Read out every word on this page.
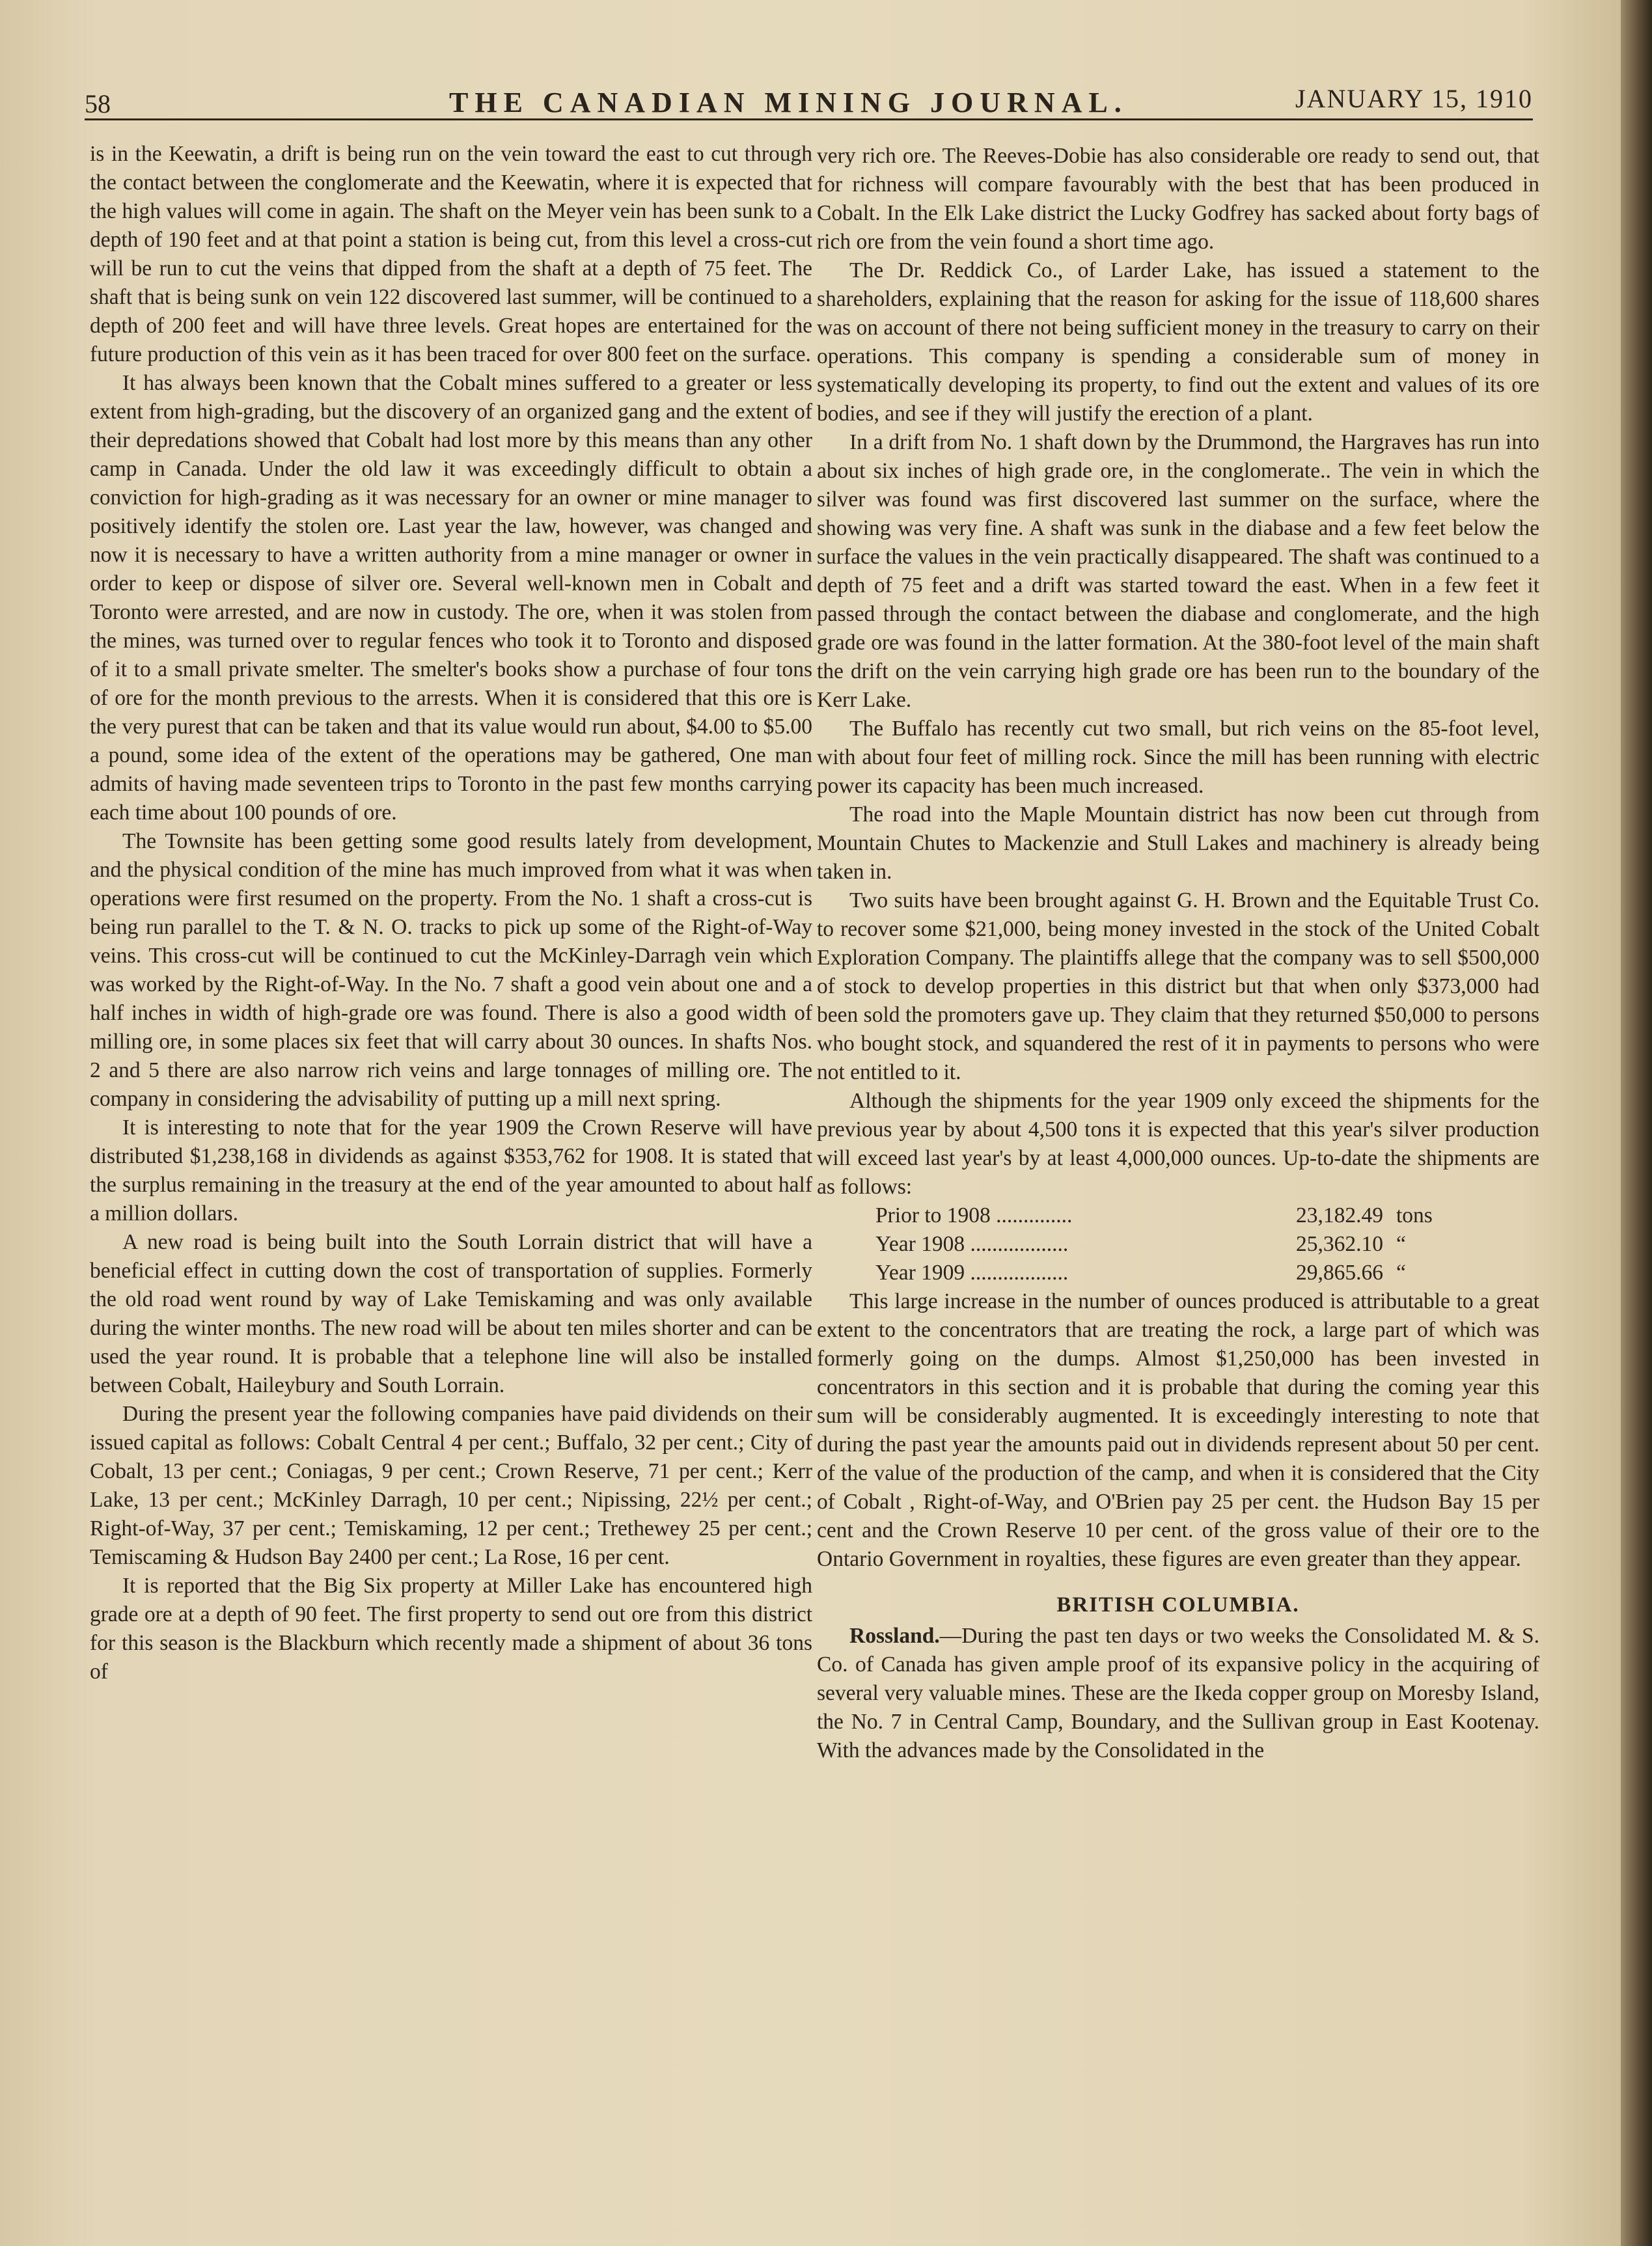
58	THE CANADIAN MINING JOURNAL.	JANUARY 15, 1910

is in the Keewatin, a drift is being run on the vein toward the east to cut through the contact between the conglomerate and the Keewatin, where it is expected that the high values will come in again. The shaft on the Meyer vein has been sunk to a depth of 190 feet and at that point a station is being cut, from this level a cross-cut will be run to cut the veins that dipped from the shaft at a depth of 75 feet. The shaft that is being sunk on vein 122 discovered last summer, will be continued to a depth of 200 feet and will have three levels. Great hopes are entertained for the future production of this vein as it has been traced for over 800 feet on the surface.

It has always been known that the Cobalt mines suffered to a greater or less extent from high-grading, but the discovery of an organized gang and the extent of their depredations showed that Cobalt had lost more by this means than any other camp in Canada. Under the old law it was exceedingly difficult to obtain a conviction for high-grading as it was necessary for an owner or mine manager to positively identify the stolen ore. Last year the law, however, was changed and now it is necessary to have a written authority from a mine manager or owner in order to keep or dispose of silver ore. Several well-known men in Cobalt and Toronto were arrested, and are now in custody. The ore, when it was stolen from the mines, was turned over to regular fences who took it to Toronto and disposed of it to a small private smelter. The smelter's books show a purchase of four tons of ore for the month previous to the arrests. When it is considered that this ore is the very purest that can be taken and that its value would run about, $4.00 to $5.00 a pound, some idea of the extent of the operations may be gathered, One man admits of having made seventeen trips to Toronto in the past few months carrying each time about 100 pounds of ore.

The Townsite has been getting some good results lately from development, and the physical condition of the mine has much improved from what it was when operations were first resumed on the property. From the No. 1 shaft a cross-cut is being run parallel to the T. & N. O. tracks to pick up some of the Right-of-Way veins. This cross-cut will be continued to cut the McKinley-Darragh vein which was worked by the Right-of-Way. In the No. 7 shaft a good vein about one and a half inches in width of high-grade ore was found. There is also a good width of milling ore, in some places six feet that will carry about 30 ounces. In shafts Nos. 2 and 5 there are also narrow rich veins and large tonnages of milling ore. The company in considering the advisability of putting up a mill next spring.

It is interesting to note that for the year 1909 the Crown Reserve will have distributed $1,238,168 in dividends as against $353,762 for 1908. It is stated that the surplus remaining in the treasury at the end of the year amounted to about half a million dollars.

A new road is being built into the South Lorrain district that will have a beneficial effect in cutting down the cost of transportation of supplies. Formerly the old road went round by way of Lake Temiskaming and was only available during the winter months. The new road will be about ten miles shorter and can be used the year round. It is probable that a telephone line will also be installed between Cobalt, Haileybury and South Lorrain.

During the present year the following companies have paid dividends on their issued capital as follows: Cobalt Central 4 per cent.; Buffalo, 32 per cent.; City of Cobalt, 13 per cent.; Coniagas, 9 per cent.; Crown Reserve, 71 per cent.; Kerr Lake, 13 per cent.; McKinley Darragh, 10 per cent.; Nipissing, 22½ per cent.; Right-of-Way, 37 per cent.; Temiskaming, 12 per cent.; Trethewey 25 per cent.; Temiscaming & Hudson Bay 2400 per cent.; La Rose, 16 per cent.

It is reported that the Big Six property at Miller Lake has encountered high grade ore at a depth of 90 feet. The first property to send out ore from this district for this season is the Blackburn which recently made a shipment of about 36 tons of

very rich ore. The Reeves-Dobie has also considerable ore ready to send out, that for richness will compare favourably with the best that has been produced in Cobalt. In the Elk Lake district the Lucky Godfrey has sacked about forty bags of rich ore from the vein found a short time ago.

The Dr. Reddick Co., of Larder Lake, has issued a statement to the shareholders, explaining that the reason for asking for the issue of 118,600 shares was on account of there not being sufficient money in the treasury to carry on their operations. This company is spending a considerable sum of money in systematically developing its property, to find out the extent and values of its ore bodies, and see if they will justify the erection of a plant.

In a drift from No. 1 shaft down by the Drummond, the Hargraves has run into about six inches of high grade ore, in the conglomerate.. The vein in which the silver was found was first discovered last summer on the surface, where the showing was very fine. A shaft was sunk in the diabase and a few feet below the surface the values in the vein practically disappeared. The shaft was continued to a depth of 75 feet and a drift was started toward the east. When in a few feet it passed through the contact between the diabase and conglomerate, and the high grade ore was found in the latter formation. At the 380-foot level of the main shaft the drift on the vein carrying high grade ore has been run to the boundary of the Kerr Lake.

The Buffalo has recently cut two small, but rich veins on the 85-foot level, with about four feet of milling rock. Since the mill has been running with electric power its capacity has been much increased.

The road into the Maple Mountain district has now been cut through from Mountain Chutes to Mackenzie and Stull Lakes and machinery is already being taken in.

Two suits have been brought against G. H. Brown and the Equitable Trust Co. to recover some $21,000, being money invested in the stock of the United Cobalt Exploration Company. The plaintiffs allege that the company was to sell $500,000 of stock to develop properties in this district but that when only $373,000 had been sold the promoters gave up. They claim that they returned $50,000 to persons who bought stock, and squandered the rest of it in payments to persons who were not entitled to it.

Although the shipments for the year 1909 only exceed the shipments for the previous year by about 4,500 tons it is expected that this year's silver production will exceed last year's by at least 4,000,000 ounces. Up-to-date the shipments are as follows:

Prior to 1908 ..............	23,182.49	tons
Year 1908 ..................	25,362.10	“
Year 1909 ..................	29,865.66	“

This large increase in the number of ounces produced is attributable to a great extent to the concentrators that are treating the rock, a large part of which was formerly going on the dumps. Almost $1,250,000 has been invested in concentrators in this section and it is probable that during the coming year this sum will be considerably augmented. It is exceedingly interesting to note that during the past year the amounts paid out in dividends represent about 50 per cent. of the value of the production of the camp, and when it is considered that the City of Cobalt , Right-of-Way, and O'Brien pay 25 per cent. the Hudson Bay 15 per cent and the Crown Reserve 10 per cent. of the gross value of their ore to the Ontario Government in royalties, these figures are even greater than they appear.

BRITISH COLUMBIA.

Rossland.—During the past ten days or two weeks the Consolidated M. & S. Co. of Canada has given ample proof of its expansive policy in the acquiring of several very valuable mines. These are the Ikeda copper group on Moresby Island, the No. 7 in Central Camp, Boundary, and the Sullivan group in East Kootenay. With the advances made by the Consolidated in the
